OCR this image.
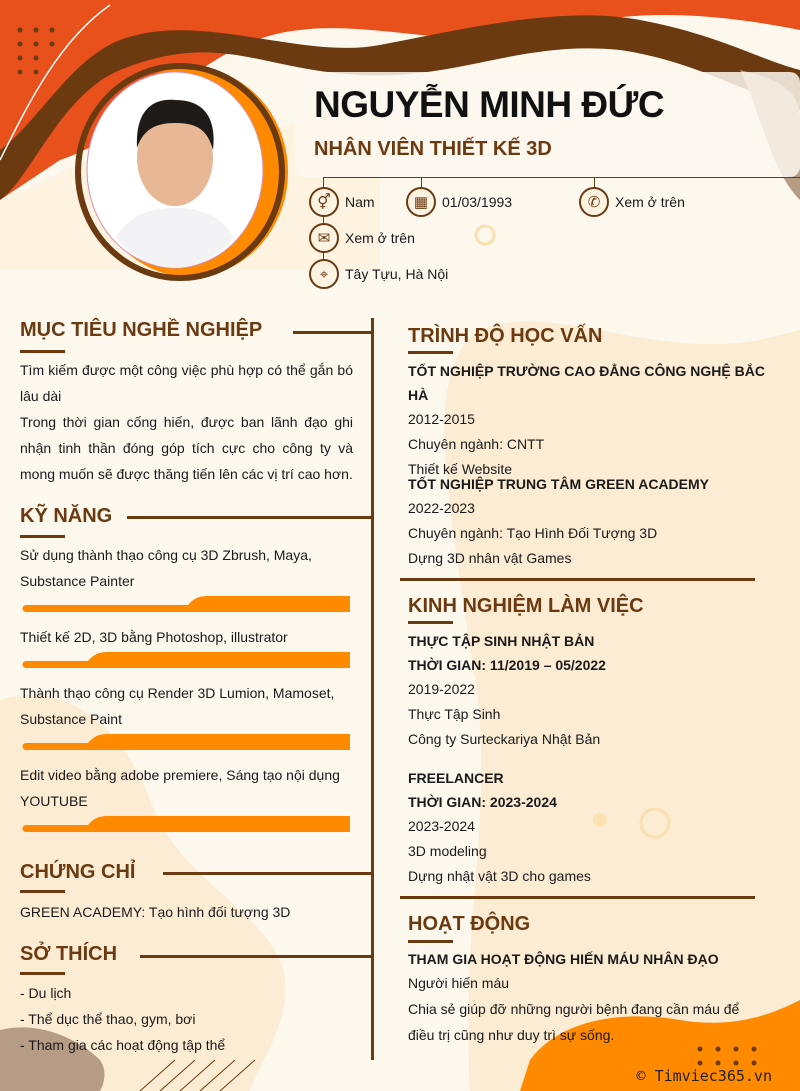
NGUYỄN MINH ĐỨC
NHÂN VIÊN THIẾT KẾ 3D
⚥	Nam	▦ 01/03/1993	✆	Xem ở trên
✉	Xem ở trên
⌖	Tây Tựu, Hà Nội
MỤC TIÊU NGHỀ NGHIỆP
Tìm kiếm được một công việc phù hợp có thể gắn bó lâu dài
Trong thời gian cống hiến, được ban lãnh đạo ghi nhận tinh thần đóng góp tích cực cho công ty và mong muốn sẽ được thăng tiến lên các vị trí cao hơn.
KỸ NĂNG
Sử dụng thành thạo công cụ 3D Zbrush, Maya, Substance Painter
Thiết kế 2D, 3D bằng Photoshop, illustrator
Thành thạo công cụ Render 3D Lumion, Mamoset, Substance Paint
Edit video bằng adobe premiere, Sáng tạo nội dụng YOUTUBE
CHỨNG CHỈ
GREEN ACADEMY: Tạo hình đối tượng 3D
SỞ THÍCH
- Du lịch
- Thể dục thể thao, gym, bơi
- Tham gia các hoạt động tập thể
TRÌNH ĐỘ HỌC VẤN
TỐT NGHIỆP TRƯỜNG CAO ĐẲNG CÔNG NGHỆ BẮC HÀ
2012-2015
Chuyên ngành: CNTT
Thiết kế Website
TỐT NGHIỆP TRUNG TÂM GREEN ACADEMY
2022-2023
Chuyên ngành: Tạo Hình Đối Tượng 3D
Dựng 3D nhân vật Games
KINH NGHIỆM LÀM VIỆC
THỰC TẬP SINH NHẬT BẢN
THỜI GIAN: 11/2019 – 05/2022
2019-2022
Thực Tập Sinh
Công ty Surteckariya Nhật Bản
FREELANCER
THỜI GIAN: 2023-2024
2023-2024
3D modeling
Dựng nhật vật 3D cho games
HOẠT ĐỘNG
THAM GIA HOẠT ĐỘNG HIẾN MÁU NHÂN ĐẠO
Người hiến máu
Chia sẻ giúp đỡ những người bệnh đang cần máu để điều trị cũng như duy trì sự sống.
© Timviec365.vn
